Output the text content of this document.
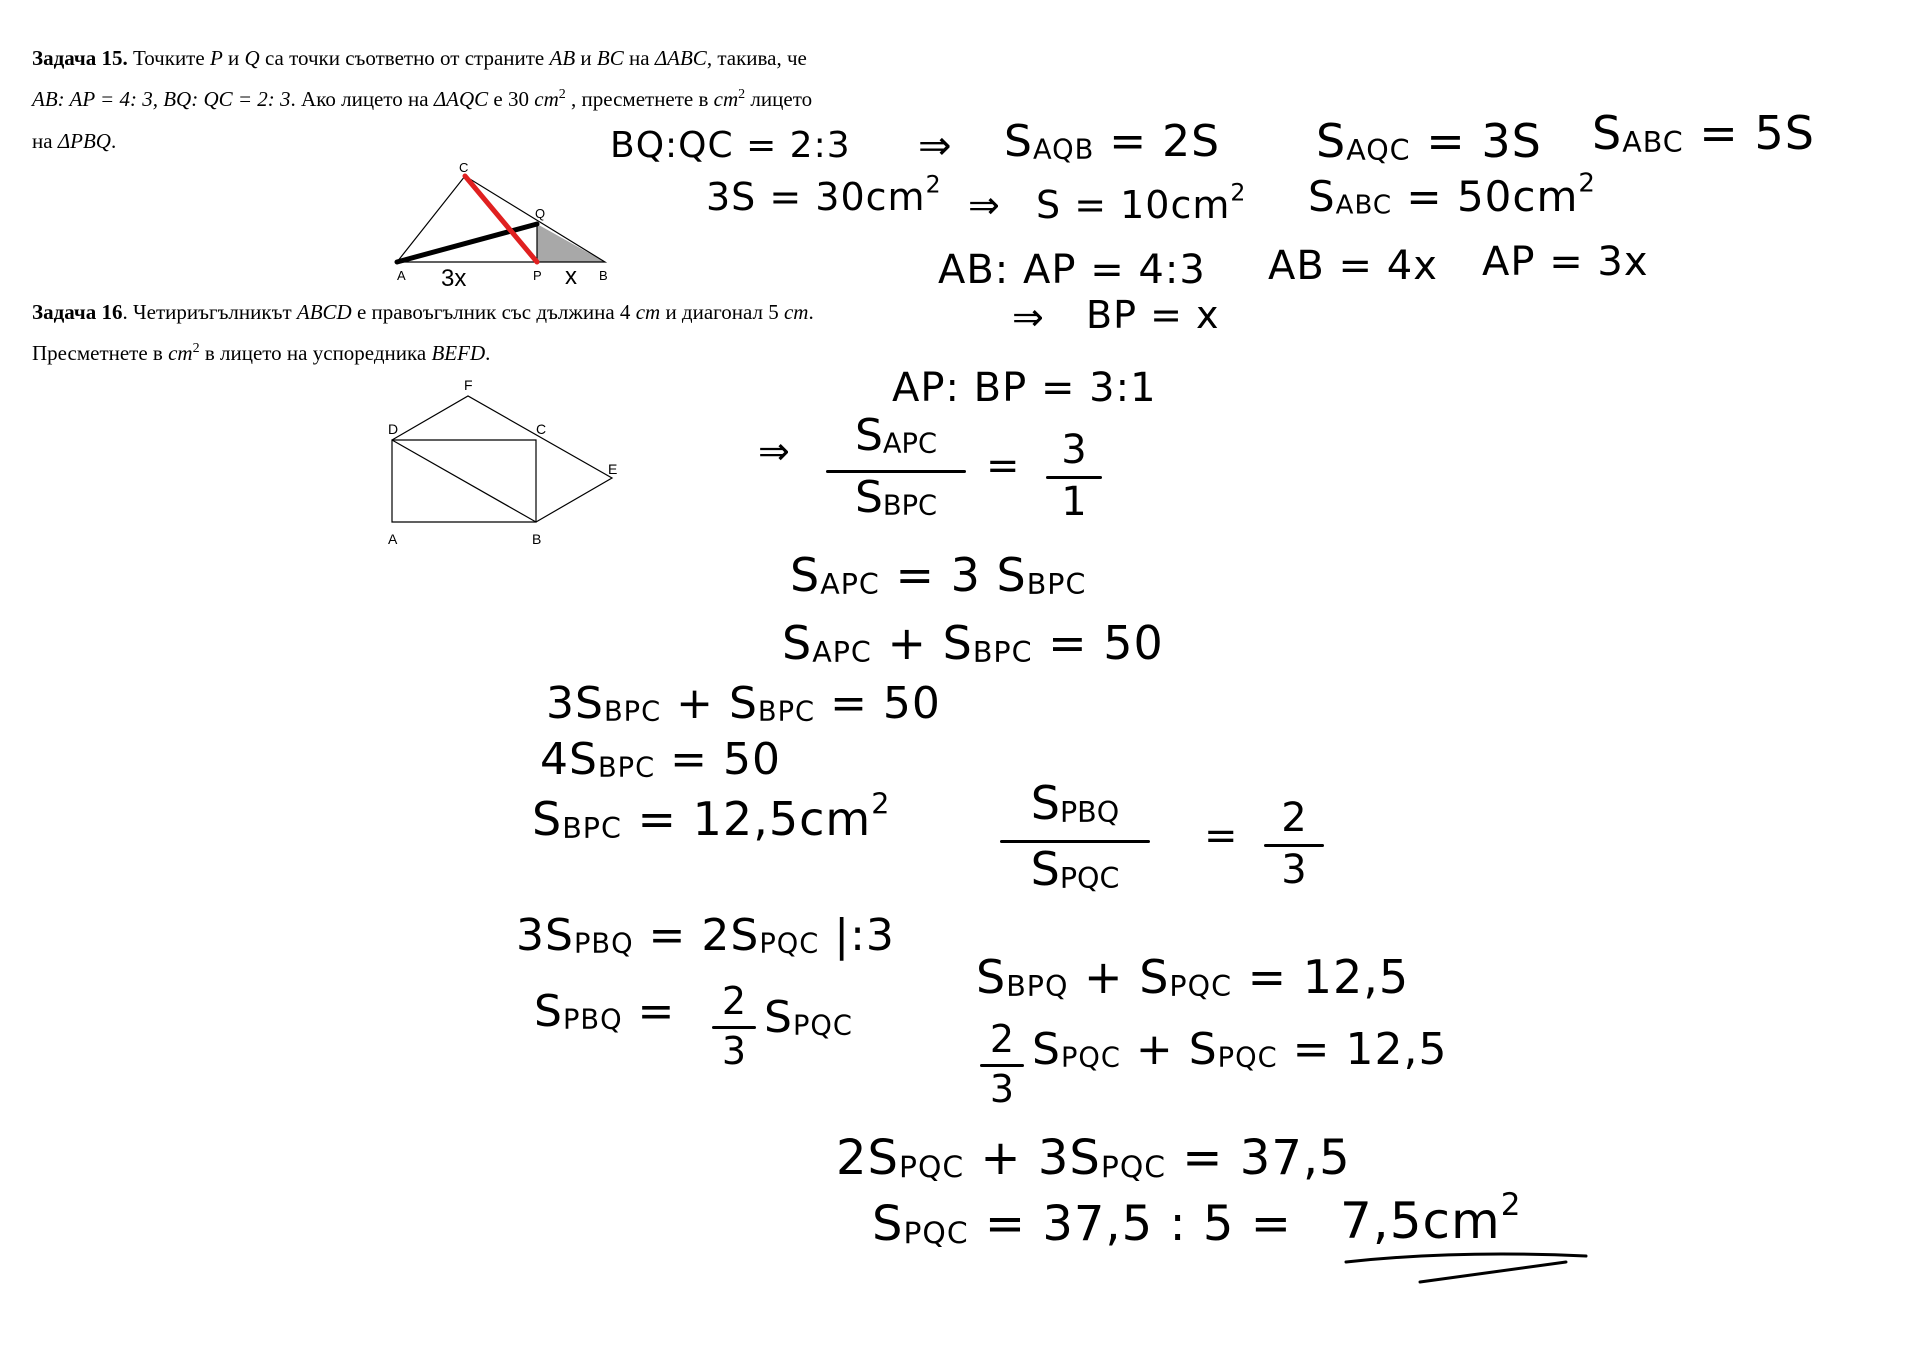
Задача 15. Точките P и Q са точки съответно от страните AB и BC на ΔABC, такива, че
AB: AP = 4: 3, BQ: QC = 2: 3. Ако лицето на ΔAQC е 30 $cm^2$ , пресметнете в $cm^2$ лицето
на ΔPBQ.
C
Q
A	P	B
3x	x
Задача 16. Четириъгълникът ABCD е правоъгълник със дължина 4 cm и диагонал 5 cm.
Пресметнете в $cm^2$ в лицето на успоредника BEFD.
F
D	C
E
A	B
BQ:QC = 2:3 ⇒ $S_{AQB} = 2S$ $S_{AQC} = 3S$ $S_{ABC} = 5S$
$3S = 30cm^2$ ⇒ $S = 10cm^2$ $S_{ABC} = 50cm^2$
AB: AP = 4:3 AB = 4x AP = 3x
⇒ BP = x
AP: BP = 3:1
⇒	$S_{APC}$
$S_{BPC}$
=	3
1
$S_{APC} = 3$ $S_{BPC}$
$S_{APC} + S_{BPC} = 50$
$3S_{BPC} + S_{BPC} = 50$
$4S_{BPC} = 50$
$S_{BPC} = 12,5cm^2$	$S_{PBQ}$
$S_{PQC}$
=	2
3
$3S_{PBQ} = 2S_{PQC}$ |:3
$S_{PBQ} = 2$
3
$S_{PQC}$
$S_{BPQ} + S_{PQC} = 12,5$
2
3
$S_{PQC} + S_{PQC} = 12,5$
$2S_{PQC} + 3S_{PQC} = 37,5$
$S_{PQC} = 37,5$ : $5 = 7,5cm^2$
